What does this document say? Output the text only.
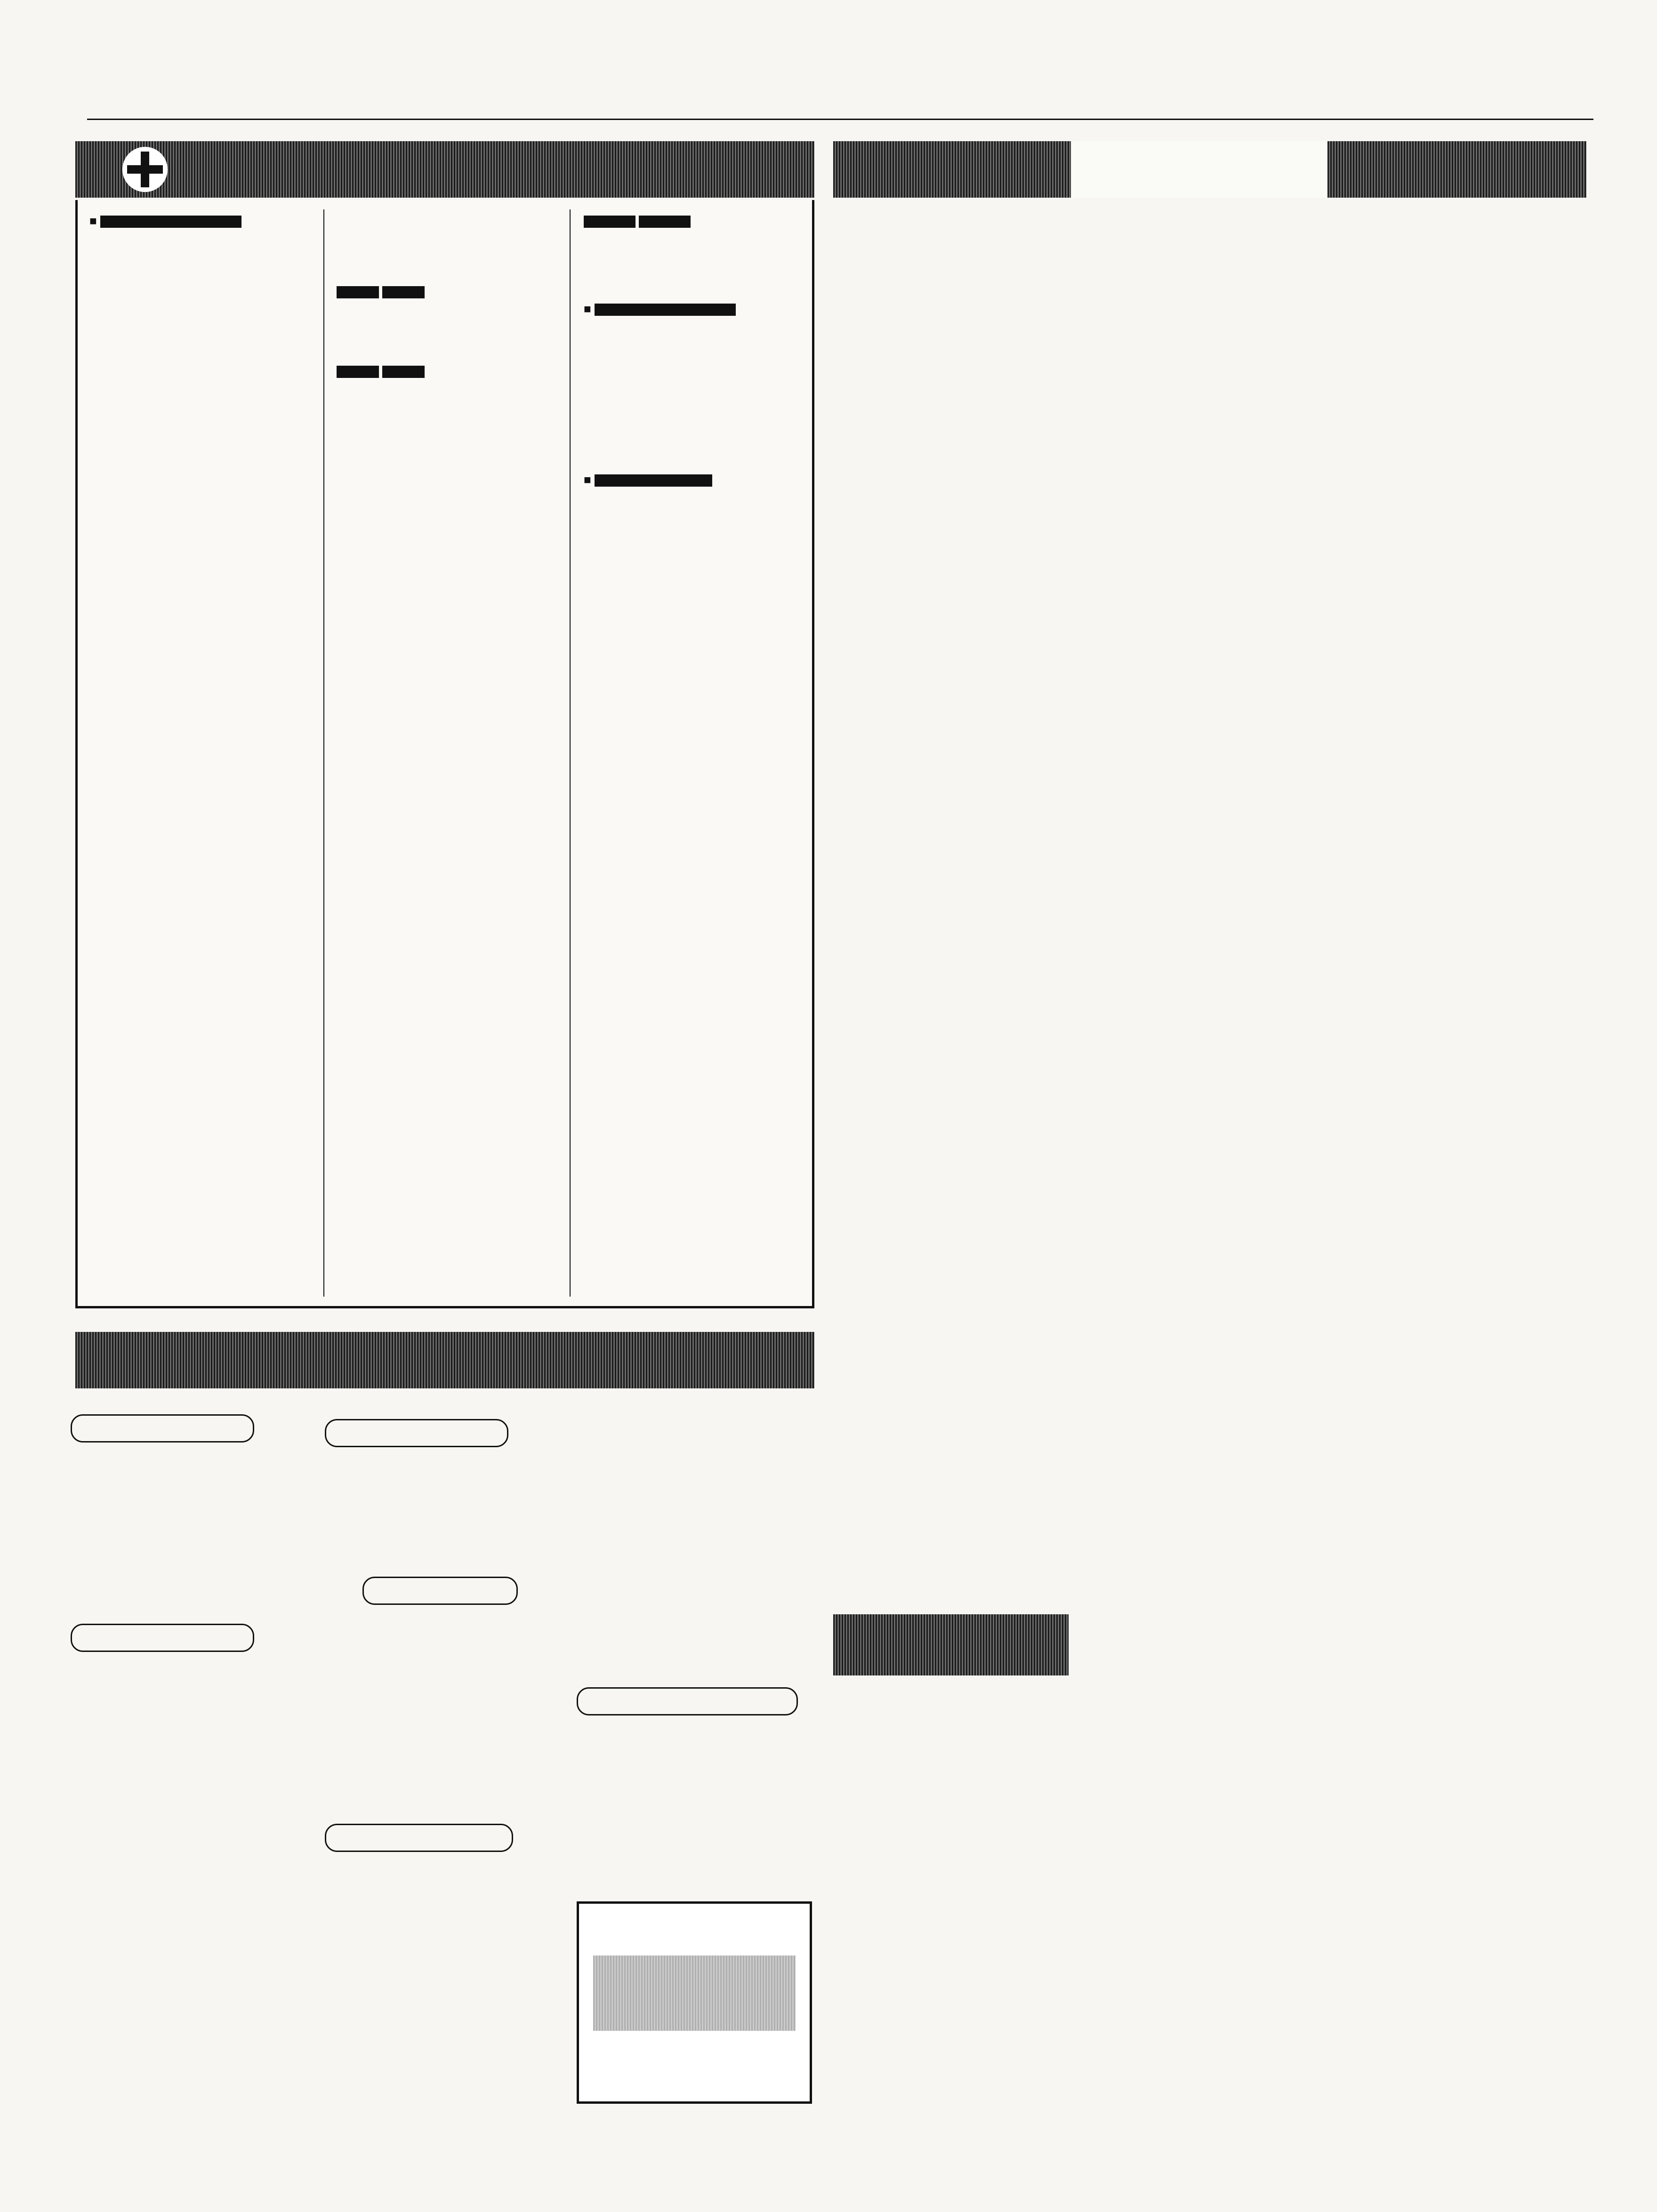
■

■
■
